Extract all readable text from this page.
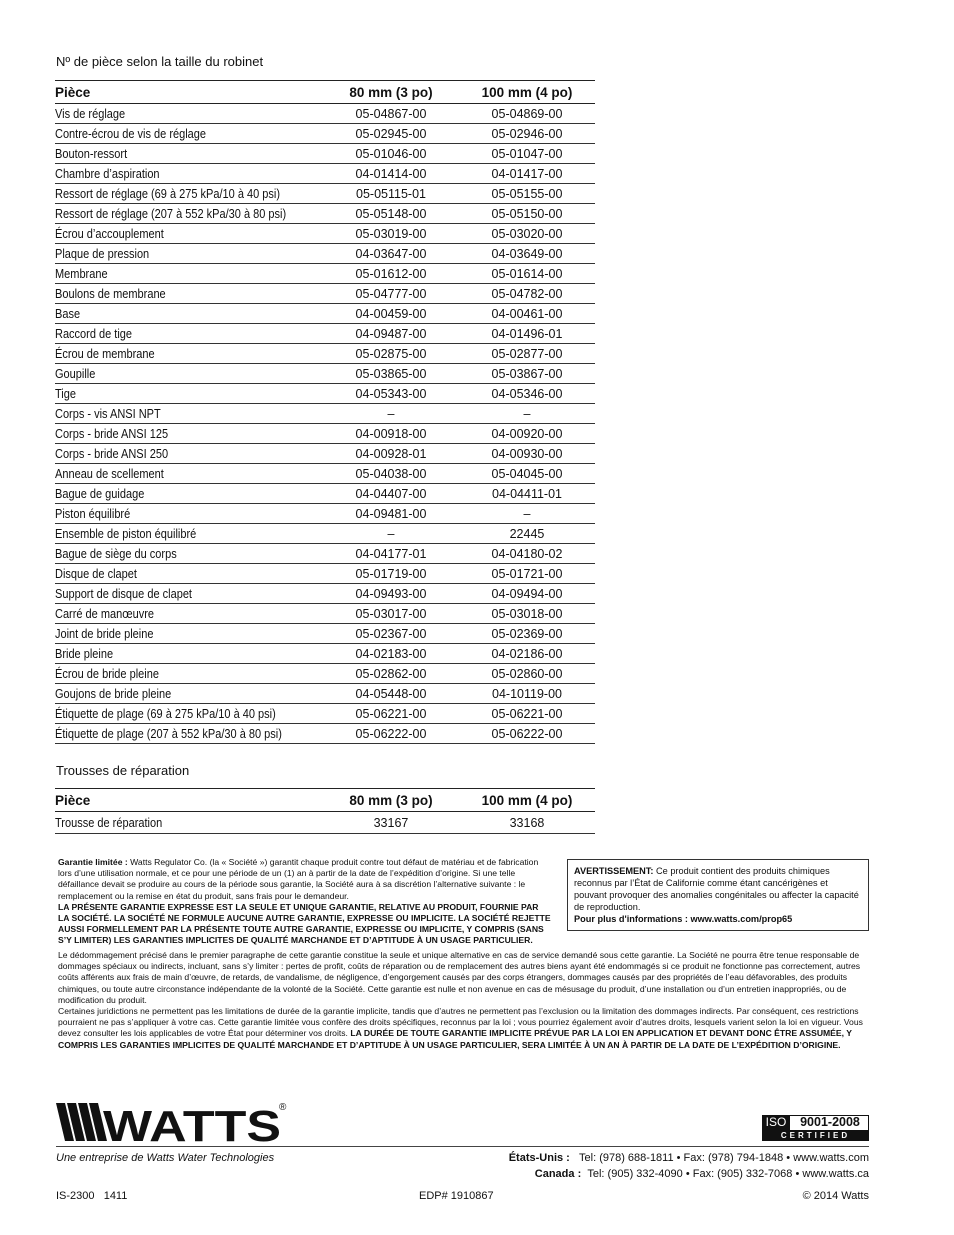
Nº de pièce selon la taille du robinet
Pièce	80 mm (3 po)	100 mm (4 po)
Vis de réglage	05-04867-00	05-04869-00
Contre-écrou de vis de réglage	05-02945-00	05-02946-00
Bouton-ressort	05-01046-00	05-01047-00
Chambre d’aspiration	04-01414-00	04-01417-00
Ressort de réglage (69 à 275 kPa/10 à 40 psi)	05-05115-01	05-05155-00
Ressort de réglage (207 à 552 kPa/30 à 80 psi)	05-05148-00	05-05150-00
Écrou d’accouplement	05-03019-00	05-03020-00
Plaque de pression	04-03647-00	04-03649-00
Membrane	05-01612-00	05-01614-00
Boulons de membrane	05-04777-00	05-04782-00
Base	04-00459-00	04-00461-00
Raccord de tige	04-09487-00	04-01496-01
Écrou de membrane	05-02875-00	05-02877-00
Goupille	05-03865-00	05-03867-00
Tige	04-05343-00	04-05346-00
Corps - vis ANSI NPT	–	–
Corps - bride ANSI 125	04-00918-00	04-00920-00
Corps - bride ANSI 250	04-00928-01	04-00930-00
Anneau de scellement	05-04038-00	05-04045-00
Bague de guidage	04-04407-00	04-04411-01
Piston équilibré	04-09481-00	–
Ensemble de piston équilibré	–	22445
Bague de siège du corps	04-04177-01	04-04180-02
Disque de clapet	05-01719-00	05-01721-00
Support de disque de clapet	04-09493-00	04-09494-00
Carré de manœuvre	05-03017-00	05-03018-00
Joint de bride pleine	05-02367-00	05-02369-00
Bride pleine	04-02183-00	04-02186-00
Écrou de bride pleine	05-02862-00	05-02860-00
Goujons de bride pleine	04-05448-00	04-10119-00
Étiquette de plage (69 à 275 kPa/10 à 40 psi)	05-06221-00	05-06221-00
Étiquette de plage (207 à 552 kPa/30 à 80 psi)	05-06222-00	05-06222-00
Trousses de réparation
Pièce	80 mm (3 po)	100 mm (4 po)
Trousse de réparation	33167	33168
Garantie limitée : Watts Regulator Co. (la « Société ») garantit chaque produit contre tout défaut de matériau et de fabrication lors d’une utilisation normale, et ce pour une période de un (1) an à partir de la date de l’expédition d’origine. Si une telle défaillance devait se produire au cours de la période sous garantie, la Société aura à sa discrétion l’alternative suivante : le remplacement ou la remise en état du produit, sans frais pour le demandeur.
LA PRÉSENTE GARANTIE EXPRESSE EST LA SEULE ET UNIQUE GARANTIE, RELATIVE AU PRODUIT, FOURNIE PAR LA SOCIÉTÉ. LA SOCIÉTÉ NE FORMULE AUCUNE AUTRE GARANTIE, EXPRESSE OU IMPLICITE. LA SOCIÉTÉ REJETTE AUSSI FORMELLEMENT PAR LA PRÉSENTE TOUTE AUTRE GARANTIE, EXPRESSE OU IMPLICITE, Y COMPRIS (SANS S’Y LIMITER) LES GARANTIES IMPLICITES DE QUALITÉ MARCHANDE ET D’APTITUDE À UN USAGE PARTICULIER.
AVERTISSEMENT: Ce produit contient des produits chimiques reconnus par l’État de Californie comme étant cancérigènes et pouvant provoquer des anomalies congénitales ou affecter la capacité de reproduction.
Pour plus d'informations : www.watts.com/prop65
Le dédommagement précisé dans le premier paragraphe de cette garantie constitue la seule et unique alternative en cas de service demandé sous cette garantie. La Société ne pourra être tenue responsable de dommages spéciaux ou indirects, incluant, sans s’y limiter : pertes de profit, coûts de réparation ou de remplacement des autres biens ayant été endommagés si ce produit ne fonctionne pas correctement, autres coûts afférents aux frais de main d’œuvre, de retards, de vandalisme, de négligence, d’engorgement causés par des corps étrangers, dommages causés par des propriétés de l’eau défavorables, des produits chimiques, ou toute autre circonstance indépendante de la volonté de la Société. Cette garantie est nulle et non avenue en cas de mésusage du produit, d’une installation ou d’un entretien inappropriés, ou de modification du produit.
Certaines juridictions ne permettent pas les limitations de durée de la garantie implicite, tandis que d’autres ne permettent pas l’exclusion ou la limitation des dommages indirects. Par conséquent, ces restrictions pourraient ne pas s’appliquer à votre cas. Cette garantie limitée vous confère des droits spécifiques, reconnus par la loi ; vous pourriez également avoir d’autres droits, lesquels varient selon la loi en vigueur. Vous devez consulter les lois applicables de votre État pour déterminer vos droits. LA DURÉE DE TOUTE GARANTIE IMPLICITE PRÉVUE PAR LA LOI EN APPLICATION ET DEVANT DONC ÊTRE ASSUMÉE, Y COMPRIS LES GARANTIES IMPLICITES DE QUALITÉ MARCHANDE ET D’APTITUDE À UN USAGE PARTICULIER, SERA LIMITÉE À UN AN À PARTIR DE LA DATE DE L’EXPÉDITION D’ORIGINE.
WATTS
®
ISO	9001-2008
CERTIFIED
Une entreprise de Watts Water Technologies	États-Unis : Tel: (978) 688-1811 • Fax: (978) 794-1848 • www.watts.com
Canada : Tel: (905) 332-4090 • Fax: (905) 332-7068 • www.watts.ca
IS-2300   1411	EDP# 1910867	© 2014 Watts
